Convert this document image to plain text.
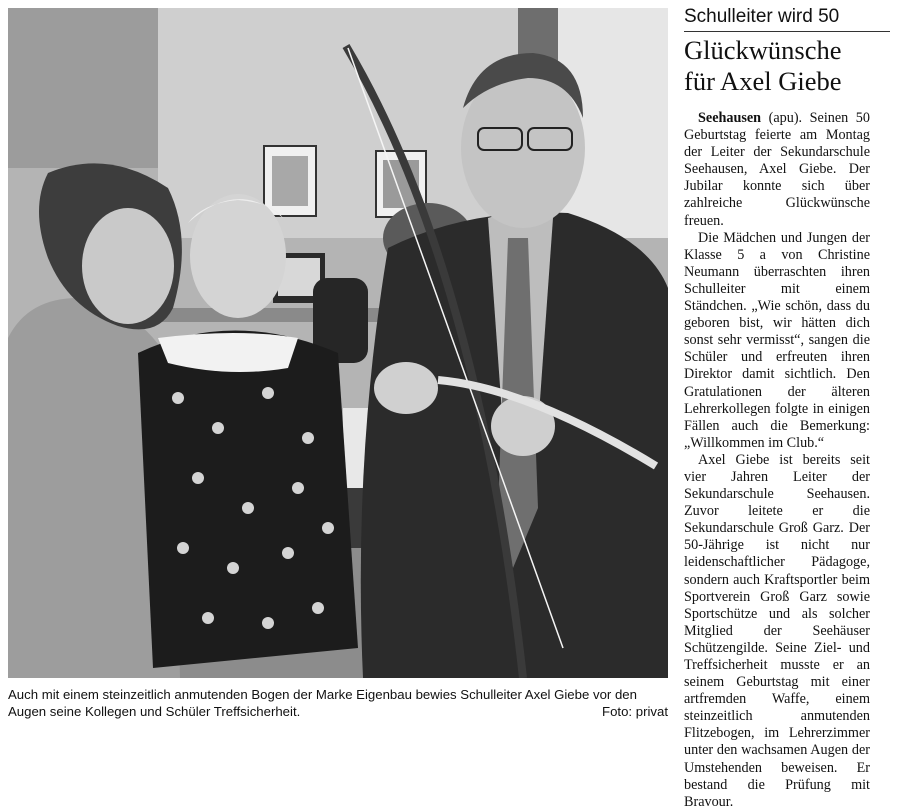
Auch mit einem steinzeitlich anmutenden Bogen der Marke Eigenbau bewies Schulleiter Axel Giebe vor den Augen seine Kollegen und Schüler Treffsicherheit.	Foto: privat
Schulleiter wird 50
Glückwünsche
für Axel Giebe

Seehausen (apu). Seinen 50 Geburtstag feierte am Montag der Leiter der Sekundarschule Seehausen, Axel Giebe. Der Jubilar konnte sich über zahlreiche Glückwünsche freuen.

Die Mädchen und Jungen der Klasse 5 a von Christine Neumann überraschten ihren Schulleiter mit einem Ständchen. „Wie schön, dass du geboren bist, wir hätten dich sonst sehr vermisst“, sangen die Schüler und erfreuten ihren Direktor damit sichtlich. Den Gratulationen der älteren Lehrerkollegen folgte in einigen Fällen auch die Bemerkung: „Willkommen im Club.“

Axel Giebe ist bereits seit vier Jahren Leiter der Sekundarschule Seehausen. Zuvor leitete er die Sekundarschule Groß Garz. Der 50-Jährige ist nicht nur leidenschaftlicher Pädagoge, sondern auch Kraftsportler beim Sportverein Groß Garz sowie Sportschütze und als solcher Mitglied der Seehäuser Schützengilde. Seine Ziel- und Treffsicherheit musste er an seinem Geburtstag mit einer artfremden Waffe, einem steinzeitlich anmutenden Flitzebogen, im Lehrerzimmer unter den wachsamen Augen der Umstehenden beweisen. Er bestand die Prüfung mit Bravour.
